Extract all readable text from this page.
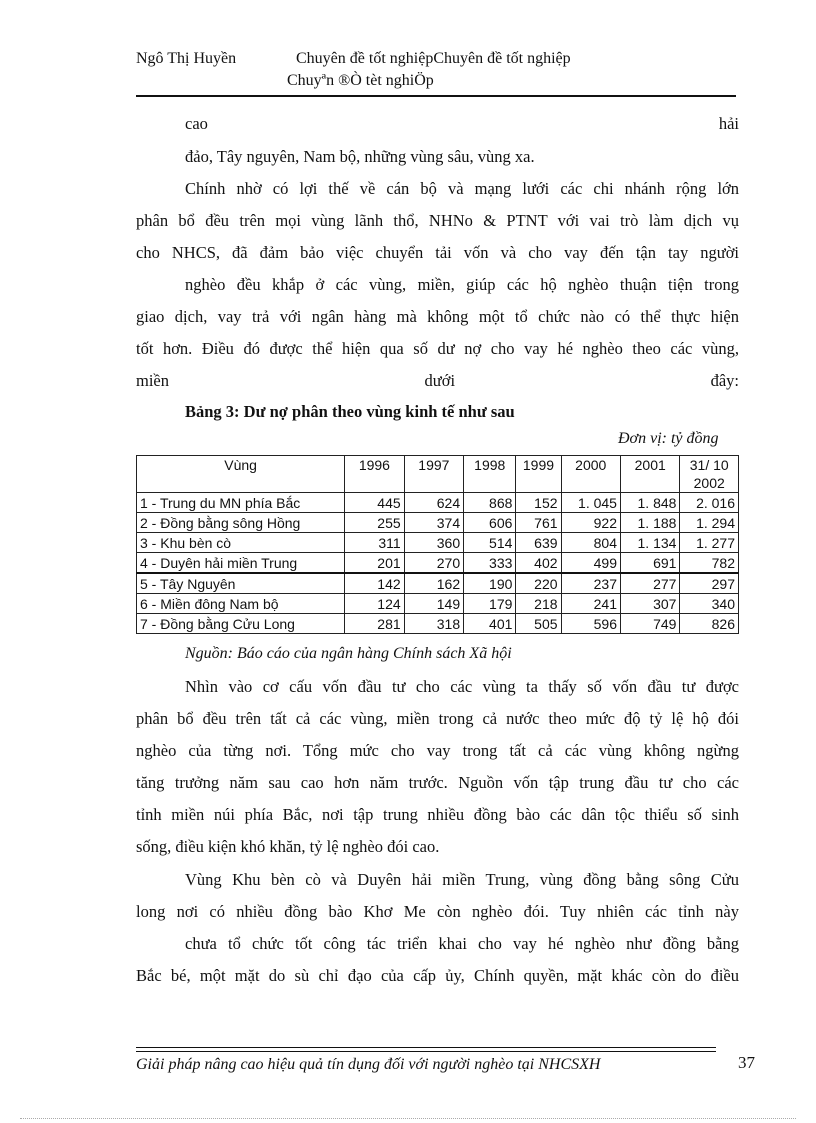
Ngô Thị Huyền	Chuyên đề tốt nghiệpChuyên đề tốt nghiệp
Chuyªn ®Ò tèt nghiÖp
cao hải
đảo, Tây nguyên, Nam bộ, những vùng sâu, vùng xa.
Chính nhờ có lợi thế về cán bộ và mạng lưới các chi nhánh rộng lớn
phân bổ đều trên mọi vùng lãnh thổ, NHNo & PTNT với vai trò làm dịch vụ
cho NHCS, đã đảm bảo việc chuyển tải vốn và cho vay đến tận tay người
nghèo đều khắp ở các vùng, miền, giúp các hộ nghèo thuận tiện trong
giao dịch, vay trả với ngân hàng mà không một tổ chức nào có thể thực hiện
tốt hơn. Điều đó được thể hiện qua số dư nợ cho vay hé nghèo theo các vùng,
miền dưới đây:
Bảng 3: Dư nợ phân theo vùng kinh tế như sau
Đơn vị: tỷ đồng
Vùng	1996	1997	1998	1999	2000	2001	31/ 10
2002

1 - Trung du MN phía Bắc	445	624	868	152	1. 045	1. 848	2. 016
2 - Đồng bằng sông Hồng	255	374	606	761	922	1. 188	1. 294
3 - Khu bèn cò	311	360	514	639	804	1. 134	1. 277
4 - Duyên hải miền Trung	201	270	333	402	499	691	782
5 - Tây Nguyên	142	162	190	220	237	277	297
6 - Miền đông Nam bộ	124	149	179	218	241	307	340
7 - Đồng bằng Cửu Long	281	318	401	505	596	749	826
Nguồn: Báo cáo của ngân hàng Chính sách Xã hội
Nhìn vào cơ cấu vốn đầu tư cho các vùng ta thấy số vốn đầu tư được
phân bổ đều trên tất cả các vùng, miền trong cả nước theo mức độ tỷ lệ hộ đói
nghèo của từng nơi. Tổng mức cho vay trong tất cả các vùng không ngừng
tăng trưởng năm sau cao hơn năm trước. Nguồn vốn tập trung đầu tư cho các
tỉnh miền núi phía Bắc, nơi tập trung nhiều đồng bào các dân tộc thiểu số sinh
sống, điều kiện khó khăn, tỷ lệ nghèo đói cao.
Vùng Khu bèn cò và Duyên hải miền Trung, vùng đồng bằng sông Cửu
long nơi có nhiều đồng bào Khơ Me còn nghèo đói. Tuy nhiên các tỉnh này
chưa tổ chức tốt công tác triển khai cho vay hé nghèo như đồng bằng
Bắc bé, một mặt do sù chỉ đạo của cấp ủy, Chính quyền, mặt khác còn do điều
Giải pháp nâng cao hiệu quả tín dụng đối với người nghèo tại NHCSXH	37
